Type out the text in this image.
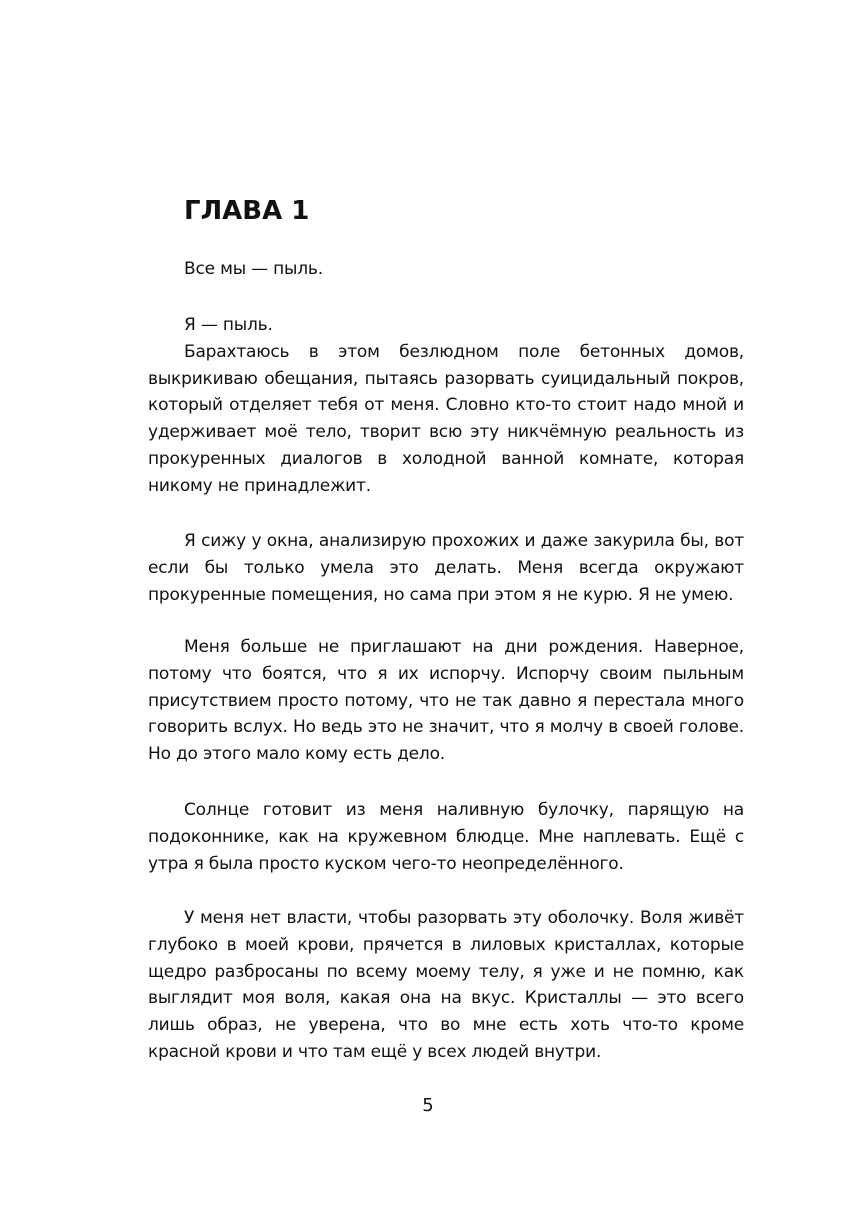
ГЛАВА 1

Все мы — пыль.

Я — пыль.

Барахтаюсь в этом безлюдном поле бетонных домов, выкрикиваю обещания, пытаясь разорвать суицидальный покров, который отделяет тебя от меня. Словно кто-то стоит надо мной и удерживает моё тело, творит всю эту никчёмную реальность из прокуренных диалогов в холодной ванной комнате, которая никому не принадлежит.

Я сижу у окна, анализирую прохожих и даже закурила бы, вот если бы только умела это делать. Меня всегда окружают прокуренные помещения, но сама при этом я не курю. Я не умею.

Меня больше не приглашают на дни рождения. Наверное, потому что боятся, что я их испорчу. Испорчу своим пыльным присутствием просто потому, что не так давно я перестала много говорить вслух. Но ведь это не значит, что я молчу в своей голове. Но до этого мало кому есть дело.

Солнце готовит из меня наливную булочку, парящую на подоконнике, как на кружевном блюдце. Мне наплевать. Ещё с утра я была просто куском чего-то неопределённого.

У меня нет власти, чтобы разорвать эту оболочку. Воля живёт глубоко в моей крови, прячется в лиловых кристаллах, которые щедро разбросаны по всему моему телу, я уже и не помню, как выглядит моя воля, какая она на вкус. Кристаллы — это всего лишь образ, не уверена, что во мне есть хоть что-то кроме красной крови и что там ещё у всех людей внутри.

5
